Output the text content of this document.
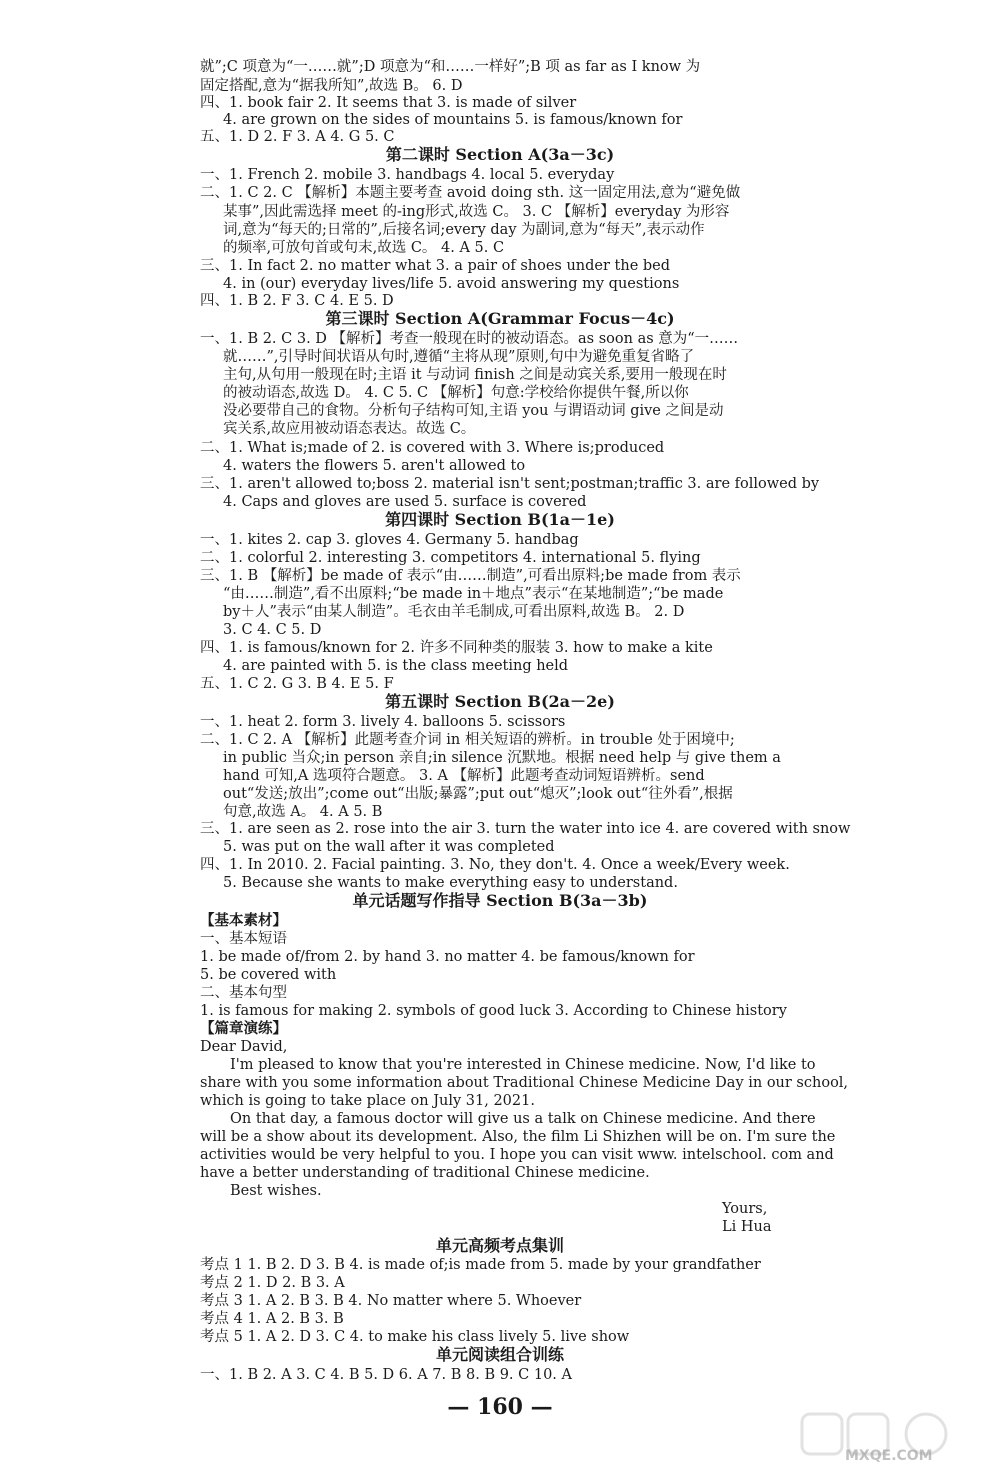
就”;C 项意为“一……就”;D 项意为“和……一样好”;B 项 as far as I know 为
固定搭配,意为“据我所知”,故选 B。 6. D
四、1. book fair 2. It seems that 3. is made of silver
4. are grown on the sides of mountains 5. is famous/known for
五、1. D 2. F 3. A 4. G 5. C
第二课时 Section A(3a－3c)
一、1. French 2. mobile 3. handbags 4. local 5. everyday
二、1. C 2. C 【解析】本题主要考查 avoid doing sth. 这一固定用法,意为“避免做
某事”,因此需选择 meet 的-ing形式,故选 C。 3. C 【解析】everyday 为形容
词,意为“每天的;日常的”,后接名词;every day 为副词,意为“每天”,表示动作
的频率,可放句首或句末,故选 C。 4. A 5. C
三、1. In fact 2. no matter what 3. a pair of shoes under the bed
4. in (our) everyday lives/life 5. avoid answering my questions
四、1. B 2. F 3. C 4. E 5. D
第三课时 Section A(Grammar Focus－4c)
一、1. B 2. C 3. D 【解析】考查一般现在时的被动语态。as soon as 意为“一……
就……”,引导时间状语从句时,遵循“主将从现”原则,句中为避免重复省略了
主句,从句用一般现在时;主语 it 与动词 finish 之间是动宾关系,要用一般现在时
的被动语态,故选 D。 4. C 5. C 【解析】句意:学校给你提供午餐,所以你
没必要带自己的食物。分析句子结构可知,主语 you 与谓语动词 give 之间是动
宾关系,故应用被动语态表达。故选 C。
二、1. What is;made of 2. is covered with 3. Where is;produced
4. waters the flowers 5. aren't allowed to
三、1. aren't allowed to;boss 2. material isn't sent;postman;traffic 3. are followed by
4. Caps and gloves are used 5. surface is covered
第四课时 Section B(1a－1e)
一、1. kites 2. cap 3. gloves 4. Germany 5. handbag
二、1. colorful 2. interesting 3. competitors 4. international 5. flying
三、1. B 【解析】be made of 表示“由……制造”,可看出原料;be made from 表示
“由……制造”,看不出原料;“be made in＋地点”表示“在某地制造”;“be made
by＋人”表示“由某人制造”。毛衣由羊毛制成,可看出原料,故选 B。 2. D
3. C 4. C 5. D
四、1. is famous/known for 2. 许多不同种类的服装 3. how to make a kite
4. are painted with 5. is the class meeting held
五、1. C 2. G 3. B 4. E 5. F
第五课时 Section B(2a－2e)
一、1. heat 2. form 3. lively 4. balloons 5. scissors
二、1. C 2. A 【解析】此题考查介词 in 相关短语的辨析。in trouble 处于困境中;
in public 当众;in person 亲自;in silence 沉默地。根据 need help 与 give them a
hand 可知,A 选项符合题意。 3. A 【解析】此题考查动词短语辨析。send
out“发送;放出”;come out“出版;暴露”;put out“熄灭”;look out“往外看”,根据
句意,故选 A。 4. A 5. B
三、1. are seen as 2. rose into the air 3. turn the water into ice 4. are covered with snow
5. was put on the wall after it was completed
四、1. In 2010. 2. Facial painting. 3. No, they don't. 4. Once a week/Every week.
5. Because she wants to make everything easy to understand.
单元话题写作指导 Section B(3a－3b)
【基本素材】
一、基本短语
1. be made of/from 2. by hand 3. no matter 4. be famous/known for
5. be covered with
二、基本句型
1. is famous for making 2. symbols of good luck 3. According to Chinese history
【篇章演练】
Dear David,
I'm pleased to know that you're interested in Chinese medicine. Now, I'd like to
share with you some information about Traditional Chinese Medicine Day in our school,
which is going to take place on July 31, 2021.
On that day, a famous doctor will give us a talk on Chinese medicine. And there
will be a show about its development. Also, the film Li Shizhen will be on. I'm sure the
activities would be very helpful to you. I hope you can visit www. intelschool. com and
have a better understanding of traditional Chinese medicine.
Best wishes.
Yours,
Li Hua
单元高频考点集训
考点 1 1. B 2. D 3. B 4. is made of;is made from 5. made by your grandfather
考点 2 1. D 2. B 3. A
考点 3 1. A 2. B 3. B 4. No matter where 5. Whoever
考点 4 1. A 2. B 3. B
考点 5 1. A 2. D 3. C 4. to make his class lively 5. live show
单元阅读组合训练
一、1. B 2. A 3. C 4. B 5. D 6. A 7. B 8. B 9. C 10. A
— 160 —
MXQE.COM
